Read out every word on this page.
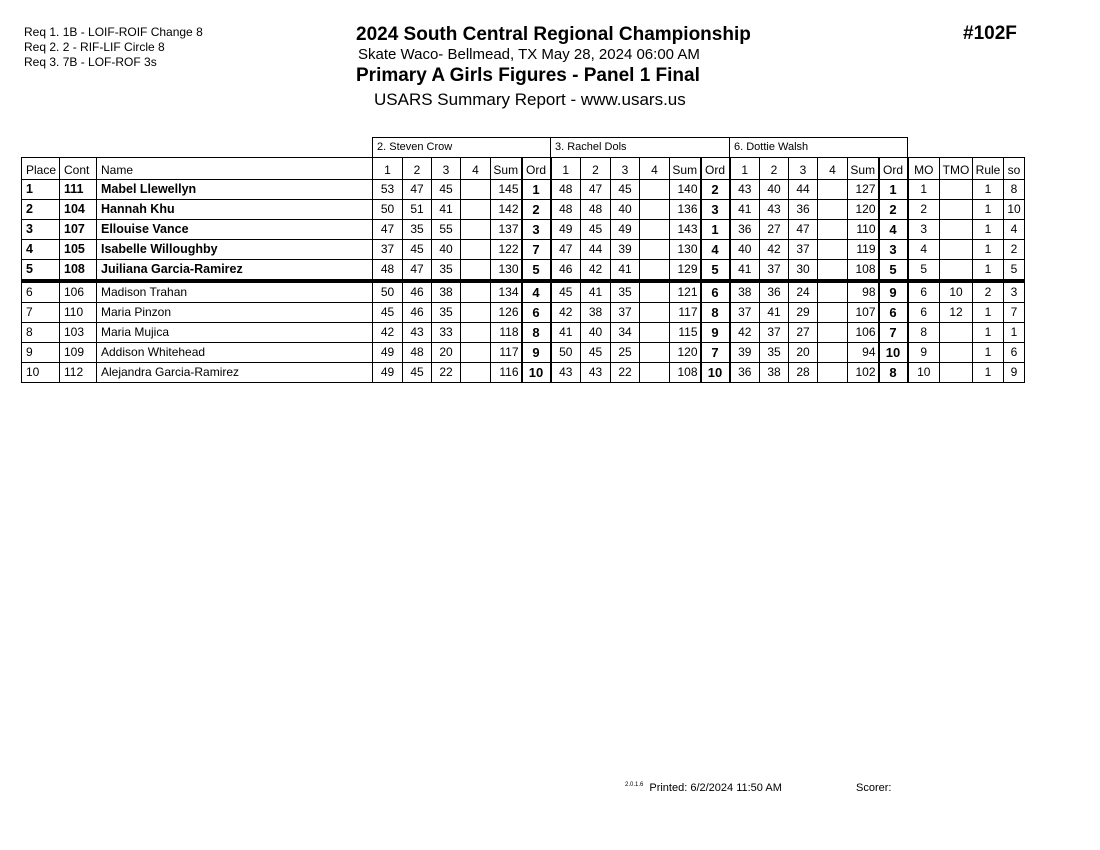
Req 1. 1B - LOIF-ROIF Change 8
Req 2. 2 - RIF-LIF Circle 8
Req 3. 7B - LOF-ROF 3s
2024 South Central Regional Championship
Skate Waco- Bellmead, TX May 28, 2024 06:00 AM
Primary A Girls Figures - Panel 1 Final
USARS Summary Report - www.usars.us
#102F
			2. Steven Crow						3. Rachel Dols						6. Dottie Walsh									
Place	Cont	Name	1	2	3	4	Sum	Ord	1	2	3	4	Sum	Ord	1	2	3	4	Sum	Ord	MO	TMO	Rule	so
1	111	Mabel Llewellyn	53	47	45		145	1	48	47	45		140	2	43	40	44		127	1	1		1	8
2	104	Hannah Khu	50	51	41		142	2	48	48	40		136	3	41	43	36		120	2	2		1	10
3	107	Ellouise Vance	47	35	55		137	3	49	45	49		143	1	36	27	47		110	4	3		1	4
4	105	Isabelle Willoughby	37	45	40		122	7	47	44	39		130	4	40	42	37		119	3	4		1	2
5	108	Juiliana Garcia-Ramirez	48	47	35		130	5	46	42	41		129	5	41	37	30		108	5	5		1	5
6	106	Madison Trahan	50	46	38		134	4	45	41	35		121	6	38	36	24		98	9	6	10	2	3
7	110	Maria Pinzon	45	46	35		126	6	42	38	37		117	8	37	41	29		107	6	6	12	1	7
8	103	Maria Mujica	42	43	33		118	8	41	40	34		115	9	42	37	27		106	7	8		1	1
9	109	Addison Whitehead	49	48	20		117	9	50	45	25		120	7	39	35	20		94	10	9		1	6
10	112	Alejandra Garcia-Ramirez	49	45	22		116	10	43	43	22		108	10	36	38	28		102	8	10		1	9
$^{2.0.1.6}$ Printed: 6/2/2024 11:50 AM	Scorer:
